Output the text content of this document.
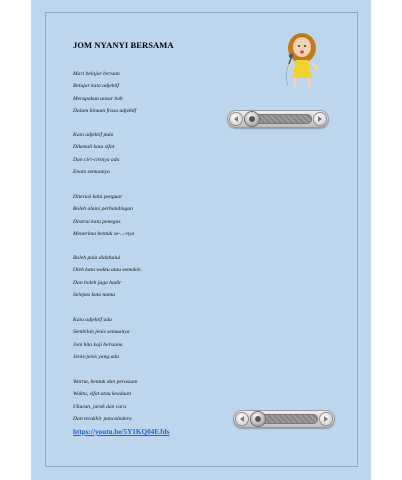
JOM NYANYI BERSAMA
Mari belajar bersam
Belajar kata adjektif
Merupakan unsur bah
Dalam binaan frasa adjektif
Kata adjektif pula
Dikenali kata sifat
Dan ciri-cirinya ada
Enam semuanya
Diterusi kata penguat
Boleh alami perbandingan
Diserai kata penegas
Menerima bentuk se-...-nya
Boleh pula didahului
Oleh kata waktu atau semakin
Dan boleh juga hadir
Selepas kata nama
Kata adjektif ada
Sembilan jenis semuanya
Jom kita kaji bersama
Jenis-jenis yang ada
Warna, bentuk dan perasaan
Waktu, sifat atau keadaan
Ukuran, jarak dan cara
Dan terakhir pancaindera
https://youtu.be/5Y1KQ04EJds
